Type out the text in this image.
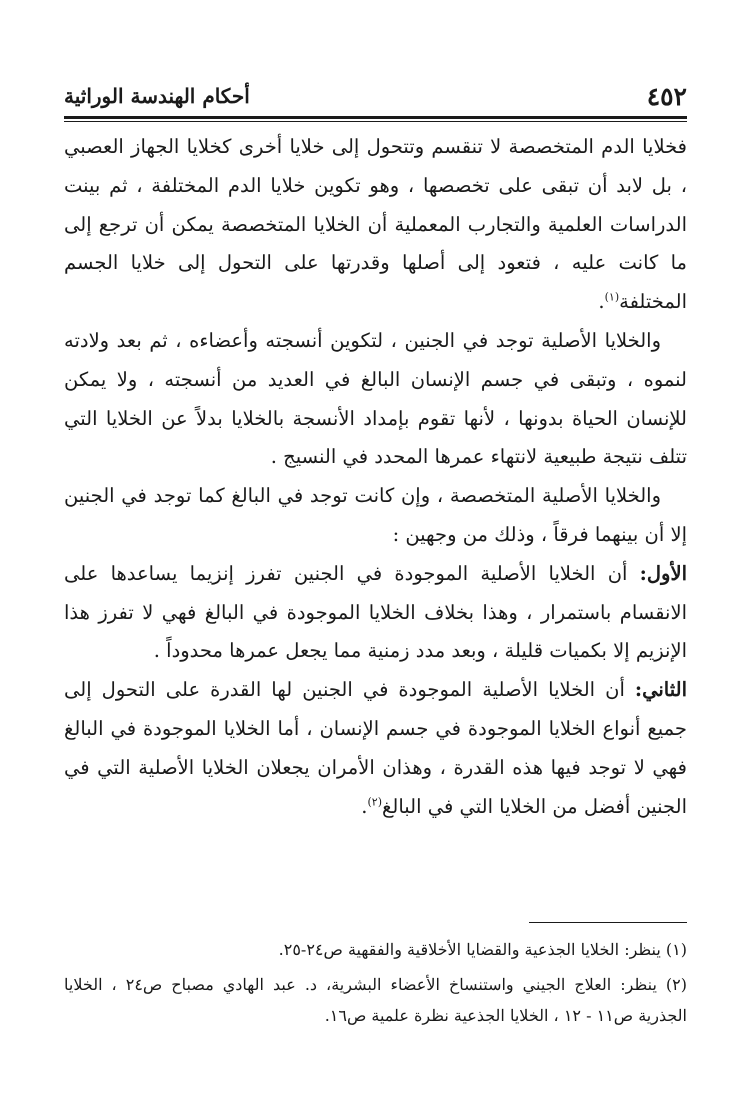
٤٥٢
أحكام الهندسة الوراثية

فخلايا الدم المتخصصة لا تنقسم وتتحول إلى خلايا أخرى كخلايا الجهاز العصبي ، بل لابد أن تبقى على تخصصها ، وهو تكوين خلايا الدم المختلفة ، ثم بينت الدراسات العلمية والتجارب المعملية أن الخلايا المتخصصة يمكن أن ترجع إلى ما كانت عليه ، فتعود إلى أصلها وقدرتها على التحول إلى خلايا الجسم المختلفة$^{(١)}$.

والخلايا الأصلية توجد في الجنين ، لتكوين أنسجته وأعضاءه ، ثم بعد ولادته لنموه ، وتبقى في جسم الإنسان البالغ في العديد من أنسجته ، ولا يمكن للإنسان الحياة بدونها ، لأنها تقوم بإمداد الأنسجة بالخلايا بدلاً عن الخلايا التي تتلف نتيجة طبيعية لانتهاء عمرها المحدد في النسيج .

والخلايا الأصلية المتخصصة ، وإن كانت توجد في البالغ كما توجد في الجنين إلا أن بينهما فرقاً ، وذلك من وجهين :

الأول: أن الخلايا الأصلية الموجودة في الجنين تفرز إنزيما يساعدها على الانقسام باستمرار ، وهذا بخلاف الخلايا الموجودة في البالغ فهي لا تفرز هذا الإنزيم إلا بكميات قليلة ، وبعد مدد زمنية مما يجعل عمرها محدوداً .

الثاني: أن الخلايا الأصلية الموجودة في الجنين لها القدرة على التحول إلى جميع أنواع الخلايا الموجودة في جسم الإنسان ، أما الخلايا الموجودة في البالغ فهي لا توجد فيها هذه القدرة ، وهذان الأمران يجعلان الخلايا الأصلية التي في الجنين أفضل من الخلايا التي في البالغ$^{(٢)}$.

(١) ينظر: الخلايا الجذعية والقضايا الأخلاقية والفقهية ص٢٤-٢٥.

(٢) ينظر: العلاج الجيني واستنساخ الأعضاء البشرية، د. عبد الهادي مصباح ص٢٤ ، الخلايا الجذرية ص١١ - ١٢ ، الخلايا الجذعية نظرة علمية ص١٦.
